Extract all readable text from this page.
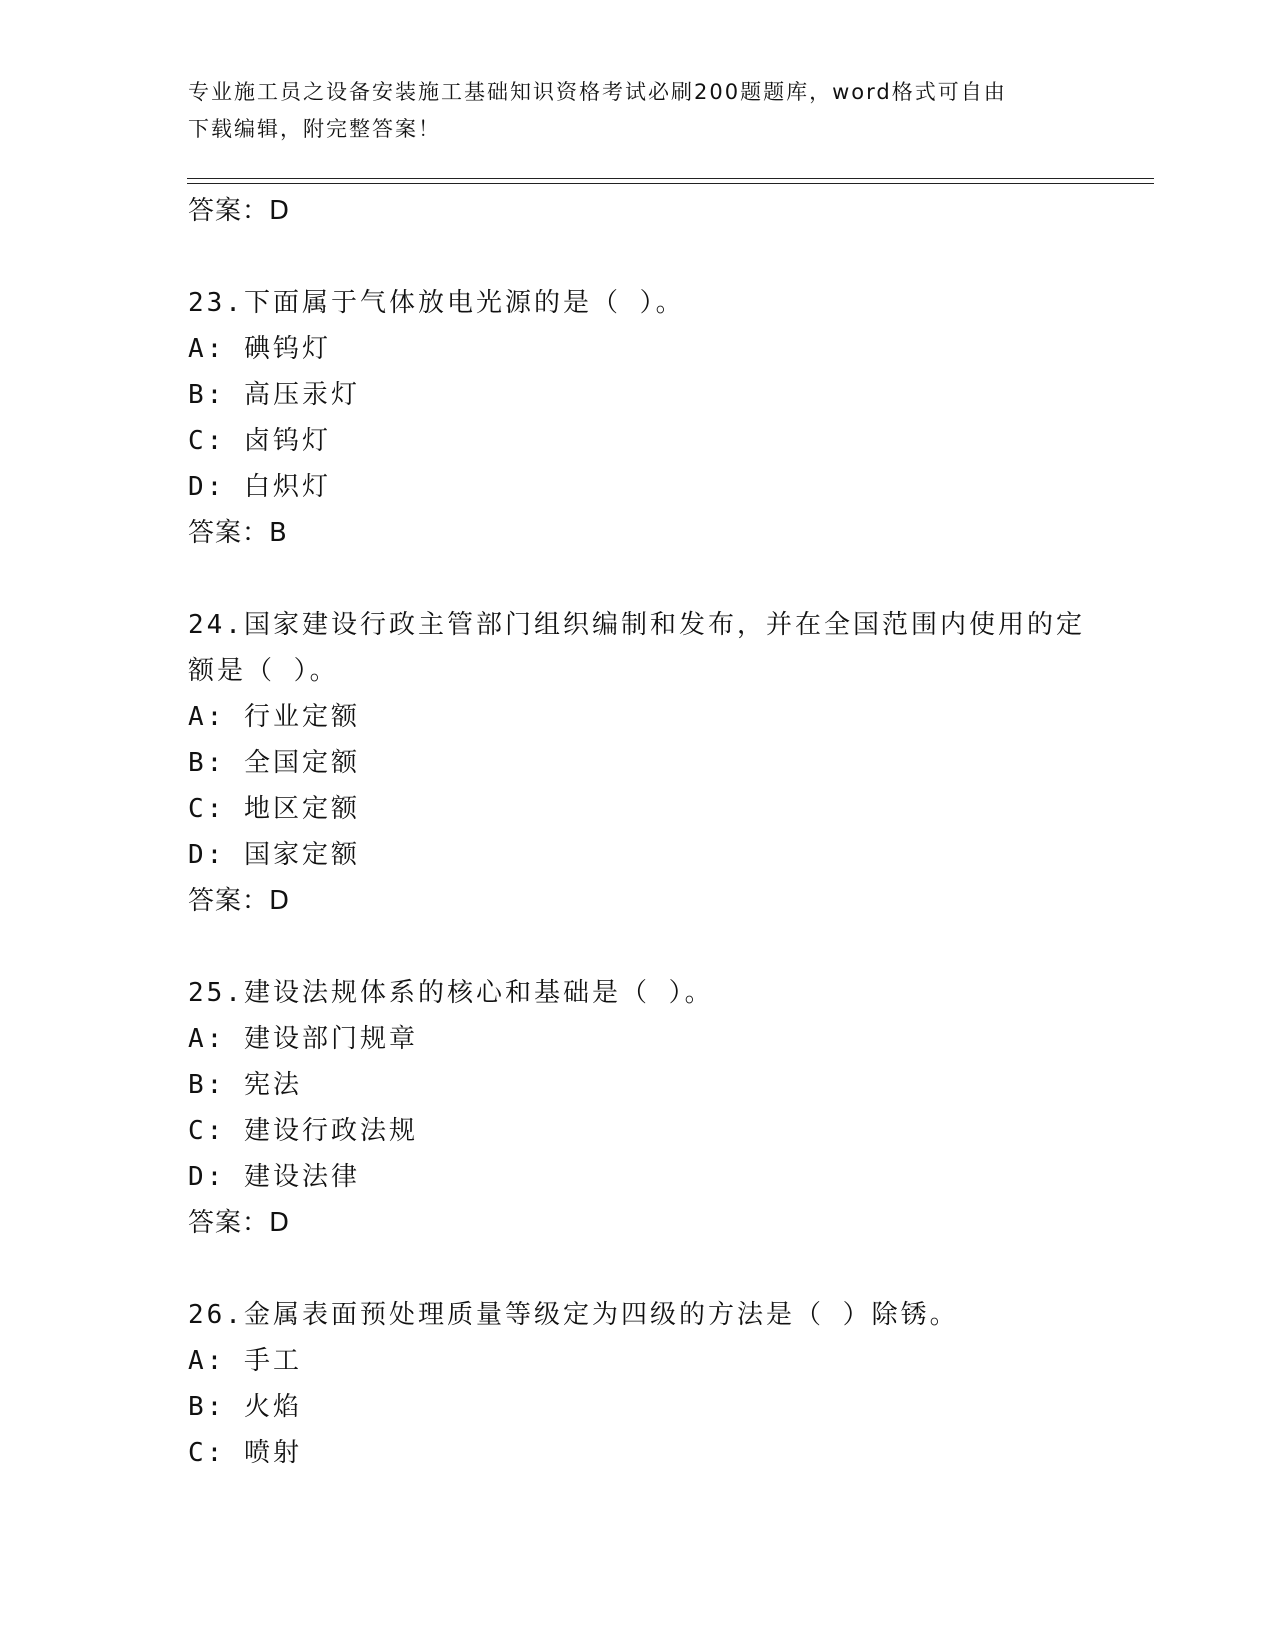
专业施工员之设备安装施工基础知识资格考试必刷200题题库，word格式可自由
下载编辑，附完整答案！
答案：D
23.下面属于气体放电光源的是（ ）。
A: 碘钨灯
B: 高压汞灯
C: 卤钨灯
D: 白炽灯
答案：B
24.国家建设行政主管部门组织编制和发布，并在全国范围内使用的定
额是（ ）。
A: 行业定额
B: 全国定额
C: 地区定额
D: 国家定额
答案：D
25.建设法规体系的核心和基础是（ ）。
A: 建设部门规章
B: 宪法
C: 建设行政法规
D: 建设法律
答案：D
26.金属表面预处理质量等级定为四级的方法是（ ）除锈。
A: 手工
B: 火焰
C: 喷射
